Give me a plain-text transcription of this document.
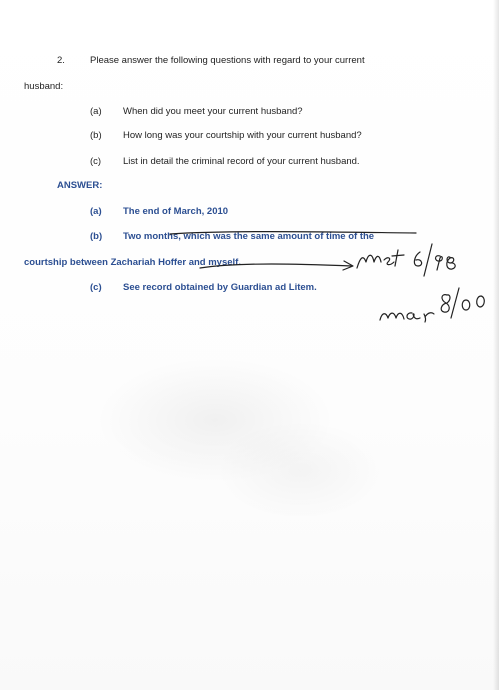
2.	Please answer the following questions with regard to your current
husband:
(a) When did you meet your current husband?
(b) How long was your courtship with your current husband?
(c) List in detail the criminal record of your current husband.
ANSWER:
(a) The end of March, 2010
(b) Two months, which was the same amount of time of the
courtship between Zachariah Hoffer and myself.
(c) See record obtained by Guardian ad Litem.
